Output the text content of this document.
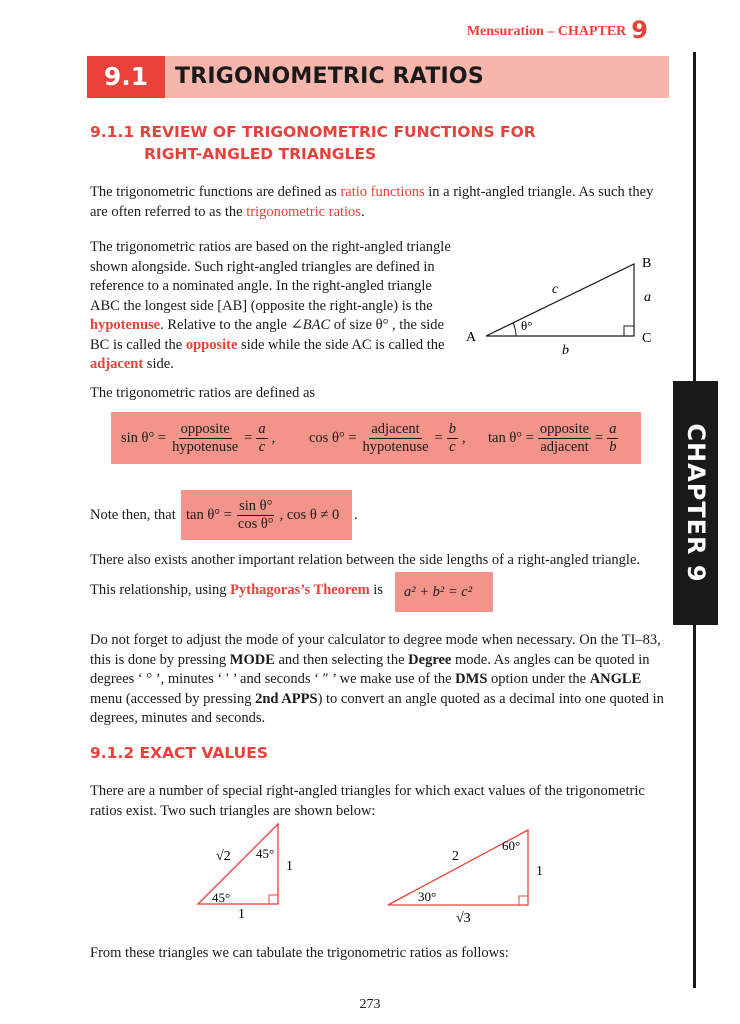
Mensuration – CHAPTER 9
CHAPTER 9
9.1	TRIGONOMETRIC RATIOS
9.1.1 REVIEW OF TRIGONOMETRIC FUNCTIONS FOR
RIGHT-ANGLED TRIANGLES
The trigonometric functions are defined as ratio functions in a right-angled triangle. As such they are often referred to as the trigonometric ratios.
The trigonometric ratios are based on the right-angled triangle shown alongside. Such right-angled triangles are defined in reference to a nominated angle. In the right-angled triangle ABC the longest side [AB] (opposite the right-angle) is the hypotenuse. Relative to the angle ∠BAC of size θ° , the side BC is called the opposite side while the side AC is called the adjacent side.
A
B
C
a
b
c
θ°
The trigonometric ratios are defined as
sin θ°
= $\frac{\text{opposite}}{\text{hypotenuse}} = \frac{a}{c}$ , cos θ°
= $\frac{\text{adjacent}}{\text{hypotenuse}} = \frac{b}{c}$ , tan θ°
= $\frac{\text{opposite}}{\text{adjacent}} = \frac{a}{b}$
Note then, that $\tan \theta^\circ = \frac{\text{sin θ°}}{\text{cos θ°}}$ , cos θ ≠ 0 .
There also exists another important relation between the side lengths of a right-angled triangle.
This relationship, using Pythagoras’s Theorem is a² + b² = c²
Do not forget to adjust the mode of your calculator to degree mode when necessary. On the TI–83, this is done by pressing MODE and then selecting the Degree mode. As angles can be quoted in degrees ‘ ° ’, minutes ‘ ′ ’ and seconds ‘ ″ ’ we make use of the DMS option under the ANGLE menu (accessed by pressing 2nd APPS) to convert an angle quoted as a decimal into one quoted in degrees, minutes and seconds.
9.1.2 EXACT VALUES
There are a number of special right-angled triangles for which exact values of the trigonometric ratios exist. Two such triangles are shown below:
√2 45°
45°
1
1
2
60°
30°
1
√3
From these triangles we can tabulate the trigonometric ratios as follows:
273
